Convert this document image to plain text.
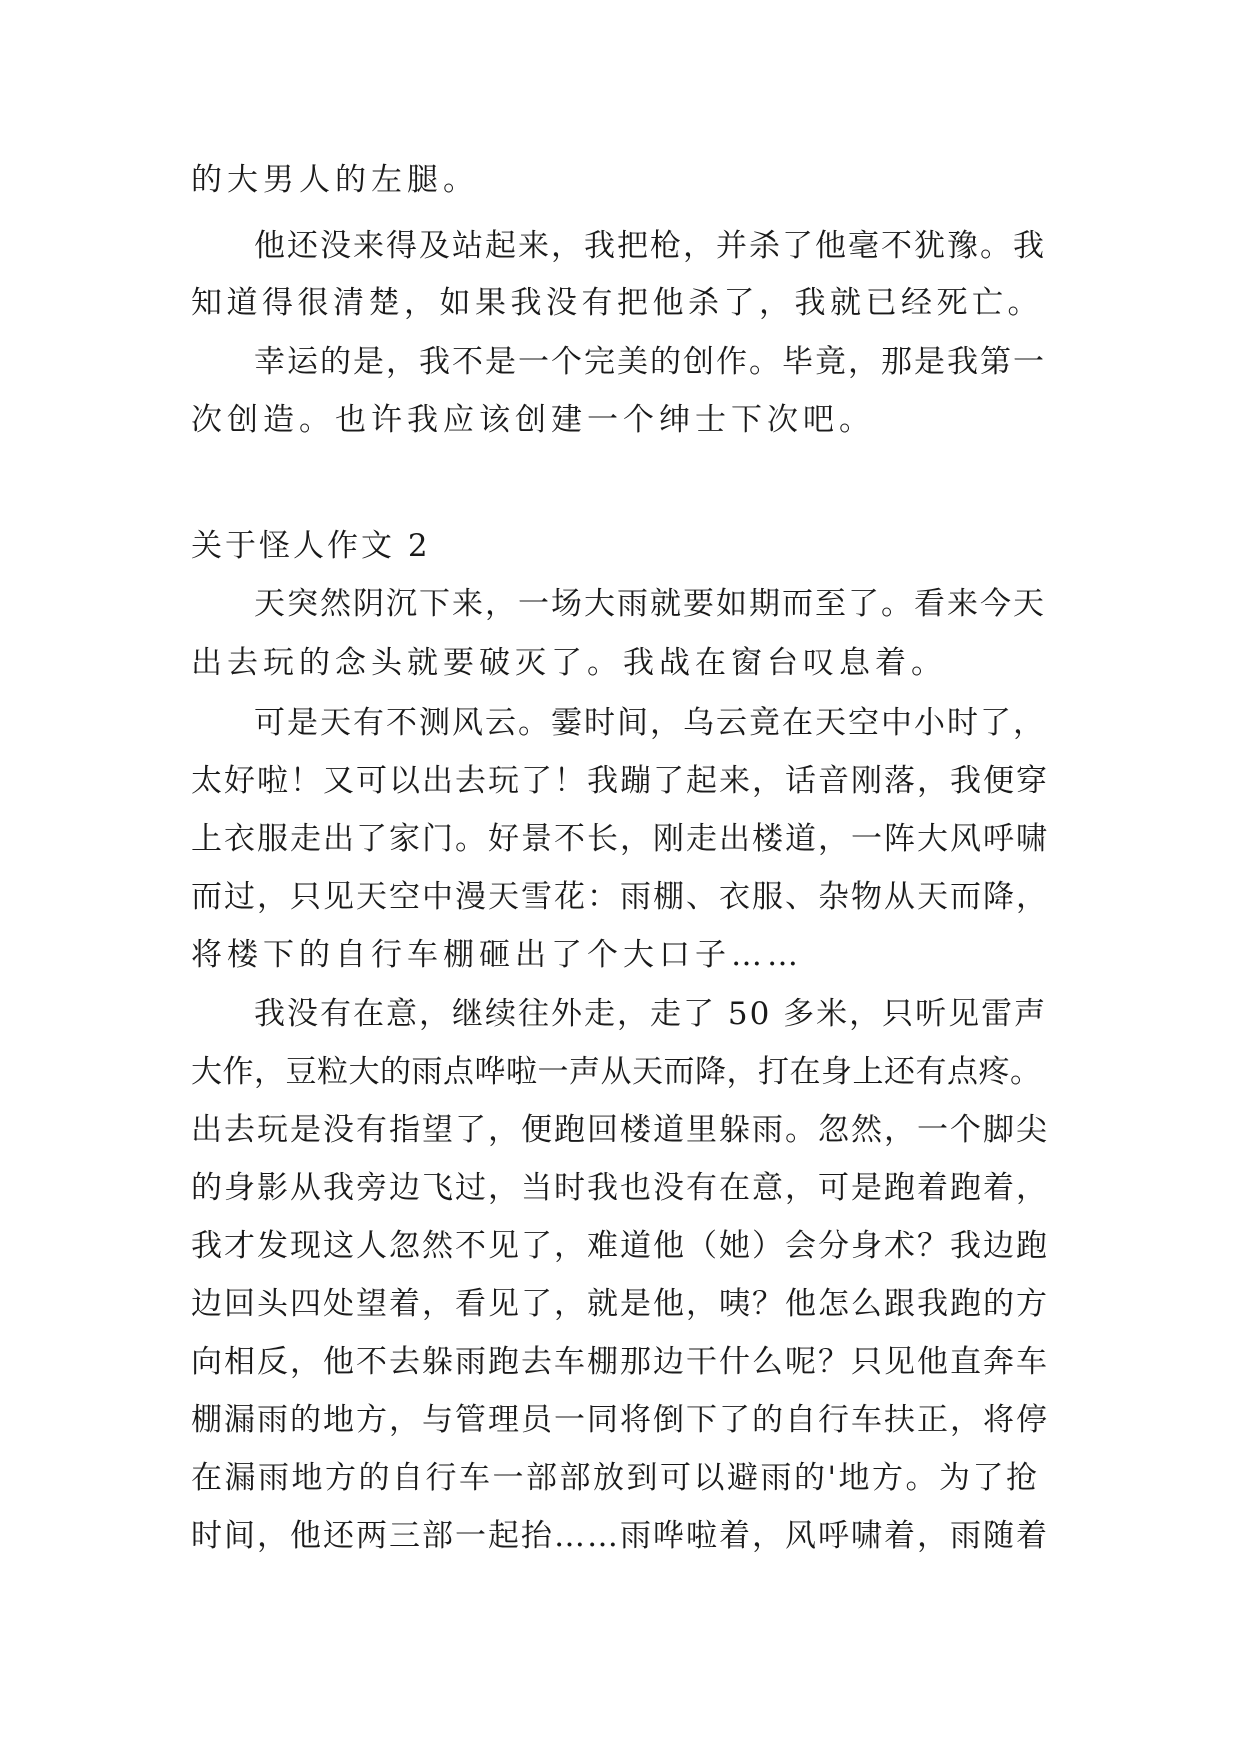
的大男人的左腿。

他还没来得及站起来，我把枪，并杀了他毫不犹豫。我

知道得很清楚，如果我没有把他杀了，我就已经死亡。

幸运的是，我不是一个完美的创作。毕竟，那是我第一

次创造。也许我应该创建一个绅士下次吧。

关于怪人作文 2

天突然阴沉下来，一场大雨就要如期而至了。看来今天

出去玩的念头就要破灭了。我战在窗台叹息着。

可是天有不测风云。霎时间，乌云竟在天空中小时了，

太好啦！又可以出去玩了！我蹦了起来，话音刚落，我便穿

上衣服走出了家门。好景不长，刚走出楼道，一阵大风呼啸

而过，只见天空中漫天雪花：雨棚、衣服、杂物从天而降，

将楼下的自行车棚砸出了个大口子……

我没有在意，继续往外走，走了 50 多米，只听见雷声

大作，豆粒大的雨点哗啦一声从天而降，打在身上还有点疼。

出去玩是没有指望了，便跑回楼道里躲雨。忽然，一个脚尖

的身影从我旁边飞过，当时我也没有在意，可是跑着跑着，

我才发现这人忽然不见了，难道他（她）会分身术？我边跑

边回头四处望着，看见了，就是他，咦？他怎么跟我跑的方

向相反，他不去躲雨跑去车棚那边干什么呢？只见他直奔车

棚漏雨的地方，与管理员一同将倒下了的自行车扶正，将停

在漏雨地方的自行车一部部放到可以避雨的'地方。为了抢

时间，他还两三部一起抬……雨哗啦着，风呼啸着，雨随着
